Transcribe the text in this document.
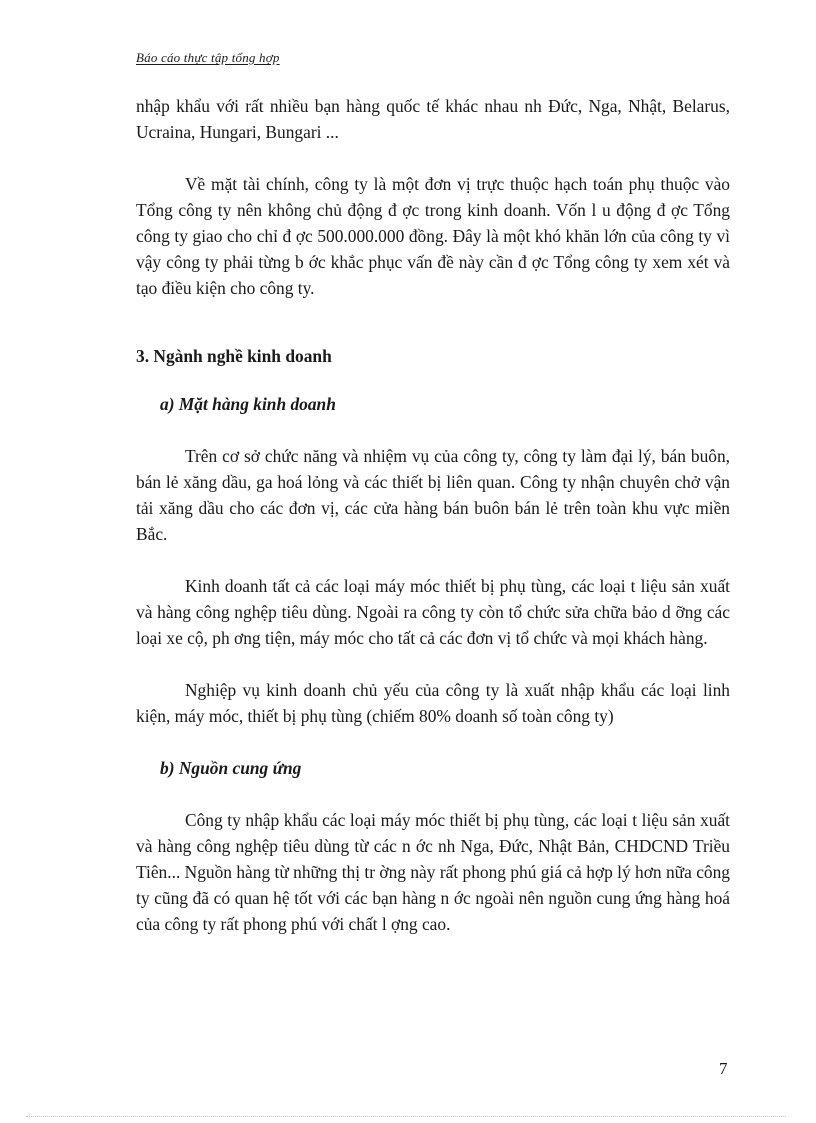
Báo cáo thực tập tổng hợp

nhập khẩu với rất nhiều bạn hàng quốc tế khác nhau nh Đức, Nga, Nhật, Belarus, Ucraina, Hungari, Bungari ...

Về mặt tài chính, công ty là một đơn vị trực thuộc hạch toán phụ thuộc vào Tổng công ty nên không chủ động đ ợc trong kinh doanh. Vốn l u động đ ợc Tổng công ty giao cho chỉ đ ợc 500.000.000 đồng. Đây là một khó khăn lớn của công ty vì vậy công ty phải từng b ớc khắc phục vấn đề này cần đ ợc Tổng công ty xem xét và tạo điều kiện cho công ty.

3. Ngành nghề kinh doanh

a) Mặt hàng kinh doanh

Trên cơ sở chức năng và nhiệm vụ của công ty, công ty làm đại lý, bán buôn, bán lẻ xăng dầu, ga hoá lỏng và các thiết bị liên quan. Công ty nhận chuyên chở vận tải xăng dầu cho các đơn vị, các cửa hàng bán buôn bán lẻ trên toàn khu vực miền Bắc.

Kinh doanh tất cả các loại máy móc thiết bị phụ tùng, các loại t liệu sản xuất và hàng công nghệp tiêu dùng. Ngoài ra công ty còn tổ chức sửa chữa bảo d ỡng các loại xe cộ, ph ơng tiện, máy móc cho tất cả các đơn vị tổ chức và mọi khách hàng.

Nghiệp vụ kinh doanh chủ yếu của công ty là xuất nhập khẩu các loại linh kiện, máy móc, thiết bị phụ tùng (chiếm 80% doanh số toàn công ty)

b) Nguồn cung ứng

Công ty nhập khẩu các loại máy móc thiết bị phụ tùng, các loại t liệu sản xuất và hàng công nghệp tiêu dùng từ các n ớc nh Nga, Đức, Nhật Bản, CHDCND Triều Tiên... Nguồn hàng từ những thị tr ờng này rất phong phú giá cả hợp lý hơn nữa công ty cũng đã có quan hệ tốt với các bạn hàng n ớc ngoài nên nguồn cung ứng hàng hoá của công ty rất phong phú với chất l ợng cao.

7
